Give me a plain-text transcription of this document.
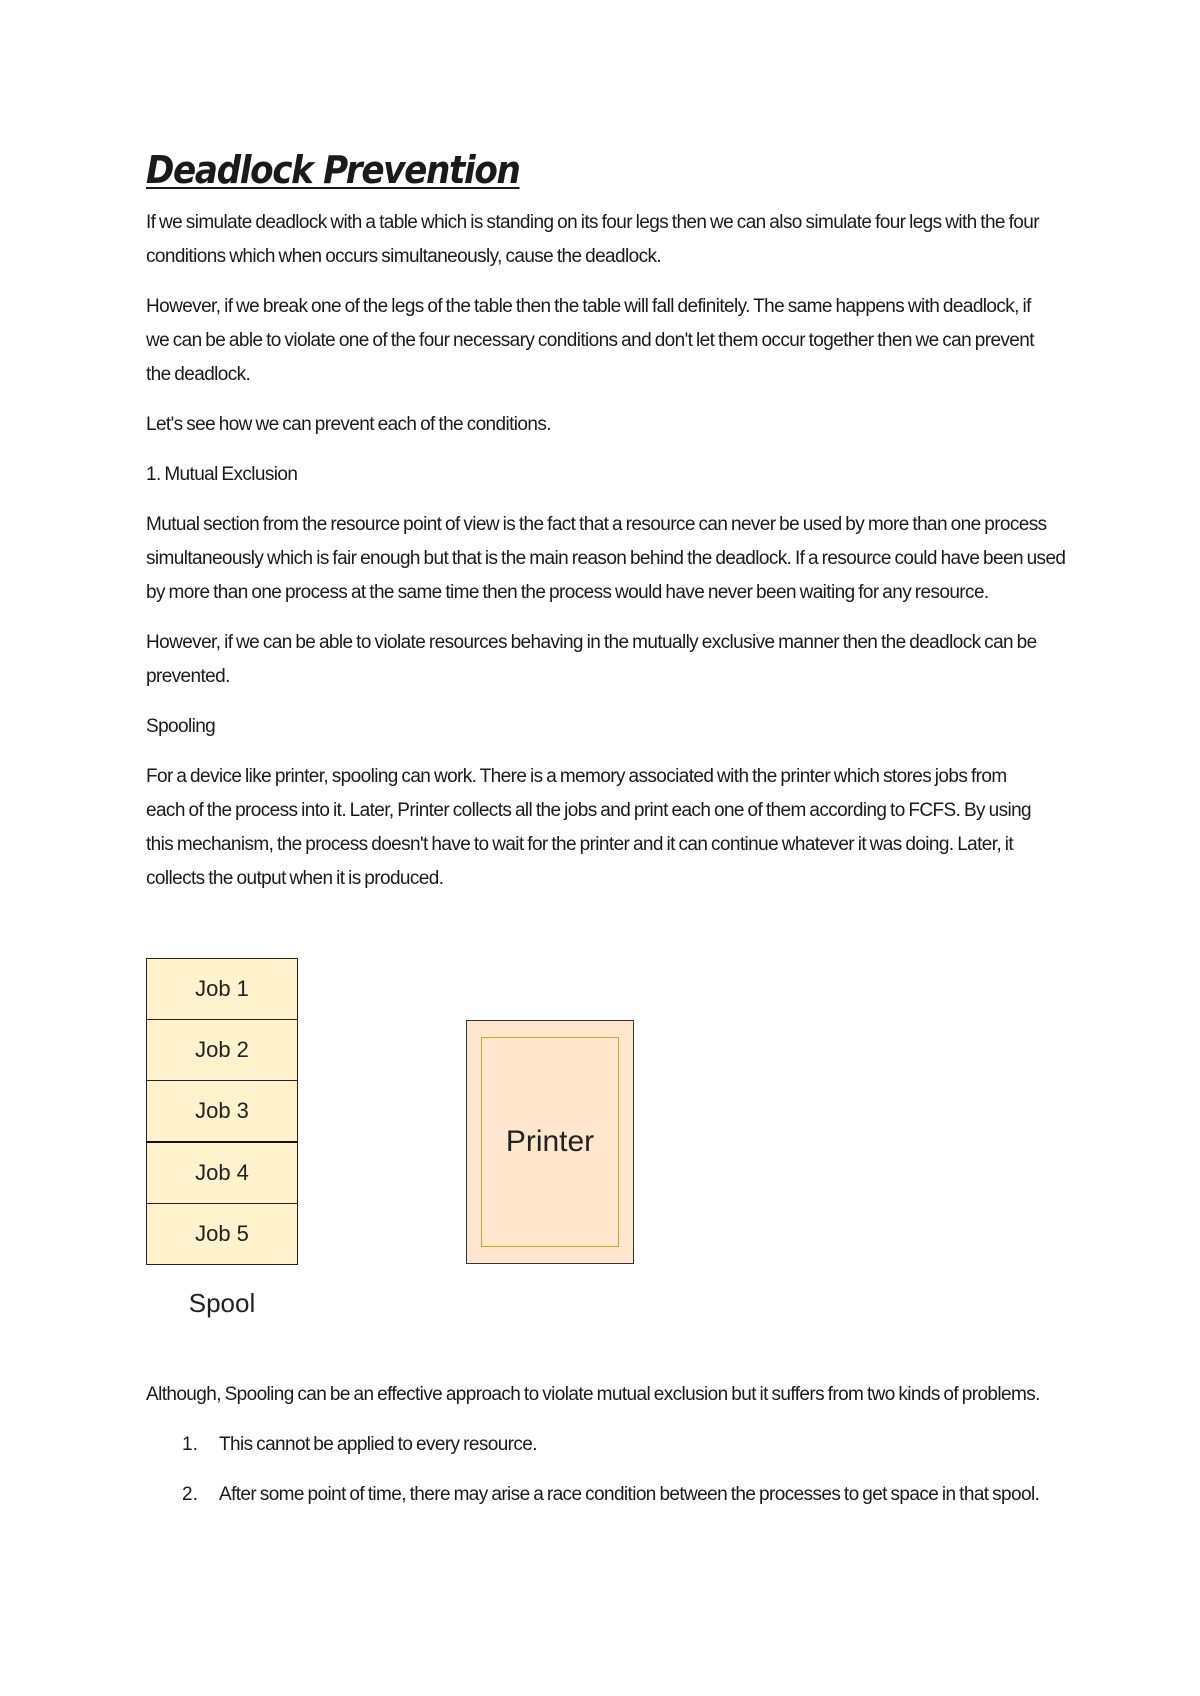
Deadlock Prevention

If we simulate deadlock with a table which is standing on its four legs then we can also simulate four legs with the four conditions which when occurs simultaneously, cause the deadlock.

However, if we break one of the legs of the table then the table will fall definitely. The same happens with deadlock, if we can be able to violate one of the four necessary conditions and don't let them occur together then we can prevent the deadlock.

Let's see how we can prevent each of the conditions.

1. Mutual Exclusion

Mutual section from the resource point of view is the fact that a resource can never be used by more than one process simultaneously which is fair enough but that is the main reason behind the deadlock. If a resource could have been used by more than one process at the same time then the process would have never been waiting for any resource.

However, if we can be able to violate resources behaving in the mutually exclusive manner then the deadlock can be prevented.

Spooling

For a device like printer, spooling can work. There is a memory associated with the printer which stores jobs from each of the process into it. Later, Printer collects all the jobs and print each one of them according to FCFS. By using this mechanism, the process doesn't have to wait for the printer and it can continue whatever it was doing. Later, it collects the output when it is produced.

Job 1
Job 2
Job 3
Job 4
Job 5
Spool
Printer

Although, Spooling can be an effective approach to violate mutual exclusion but it suffers from two kinds of problems.

1.	This cannot be applied to every resource.
2.	After some point of time, there may arise a race condition between the processes to get space in that spool.
